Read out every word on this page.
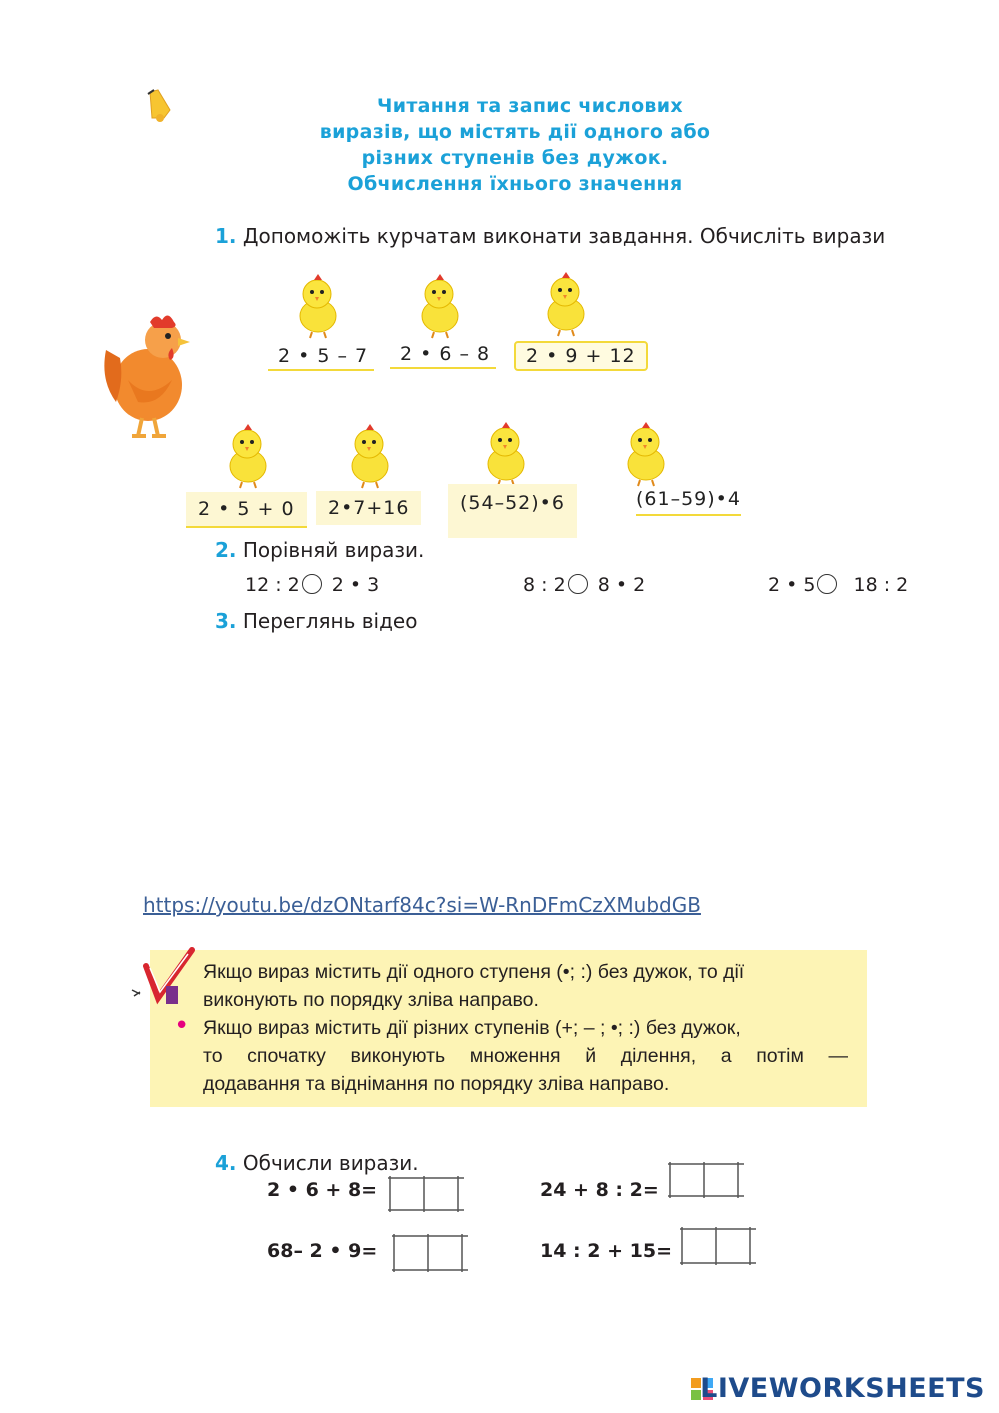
Читання та запис числових
виразів, що містять дії одного або
різних ступенів без дужок.
Обчислення їхнього значення
1. Допоможіть курчатам виконати завдання. Обчисліть вирази
2 • 5 – 7	2 • 6 – 8	2 • 9 + 12
2 • 5 + 0	2•7+16	(54–52)•6	(61–59)•4
2. Порівняй вирази.
12 : 2 2 • 3	8 : 2 8 • 2	2 • 5 18 : 2
3. Переглянь відео
https://youtu.be/dzONtarf84c?si=W-RnDFmCzXMubdGB
Якщо вираз містить дії одного ступеня (•; :) без дужок, то дії
виконують по порядку зліва направо.
Якщо вираз містить дії різних ступенів (+; – ; •; :) без дужок,
то спочатку виконують множення й ділення, а потім —
додавання та віднімання по порядку зліва направо.
•
4. Обчисли вирази.
2 • 6 + 8=	24 + 8 : 2=
68– 2 • 9=	14 : 2 + 15=
LIVEWORKSHEETS
